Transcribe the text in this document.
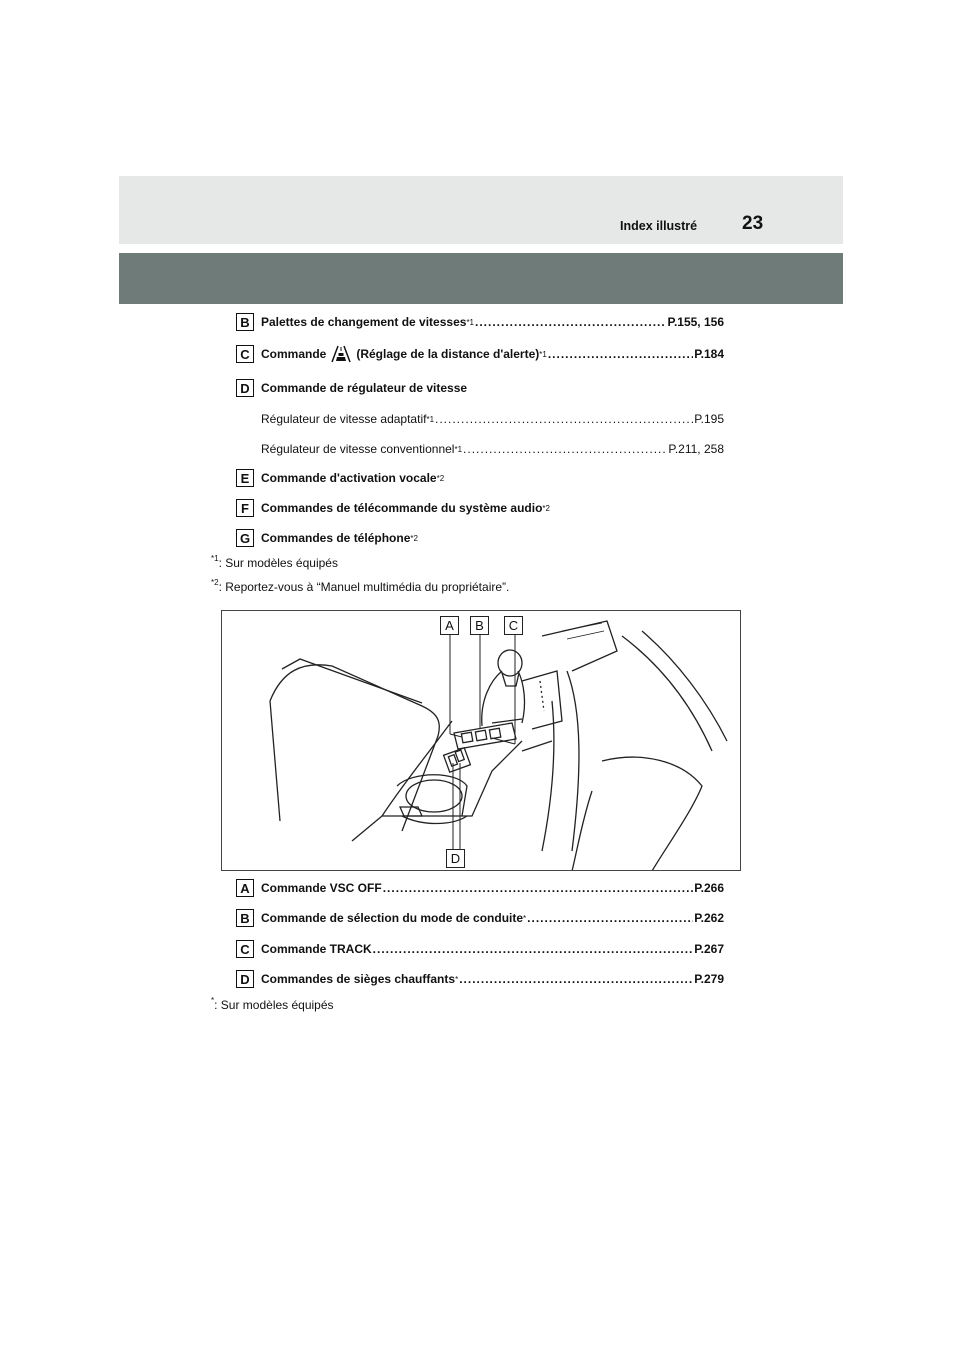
Index illustré 23
B Palettes de changement de vitesses *1 .....	P.155, 156
C Commande	(Réglage de la distance d'alerte) *1 .....	P.184
D Commande de régulateur de vitesse
Régulateur de vitesse adaptatif *1 .....	P.195
Régulateur de vitesse conventionnel *1 .....	P.211, 258
E Commande d'activation vocale *2
F	Commandes de télécommande du système audio *2
G Commandes de téléphone *2
$^{*1}$: Sur modèles équipés
$^{*2}$: Reportez-vous à “Manuel multimédia du propriétaire”.
A	B	C
D
A Commande VSC OFF .....	P.266
B Commande de sélection du mode de conduite * .....	P.262
C Commande TRACK .....	P.267
D Commandes de sièges chauffants * .....	P.279
*: Sur modèles équipés
